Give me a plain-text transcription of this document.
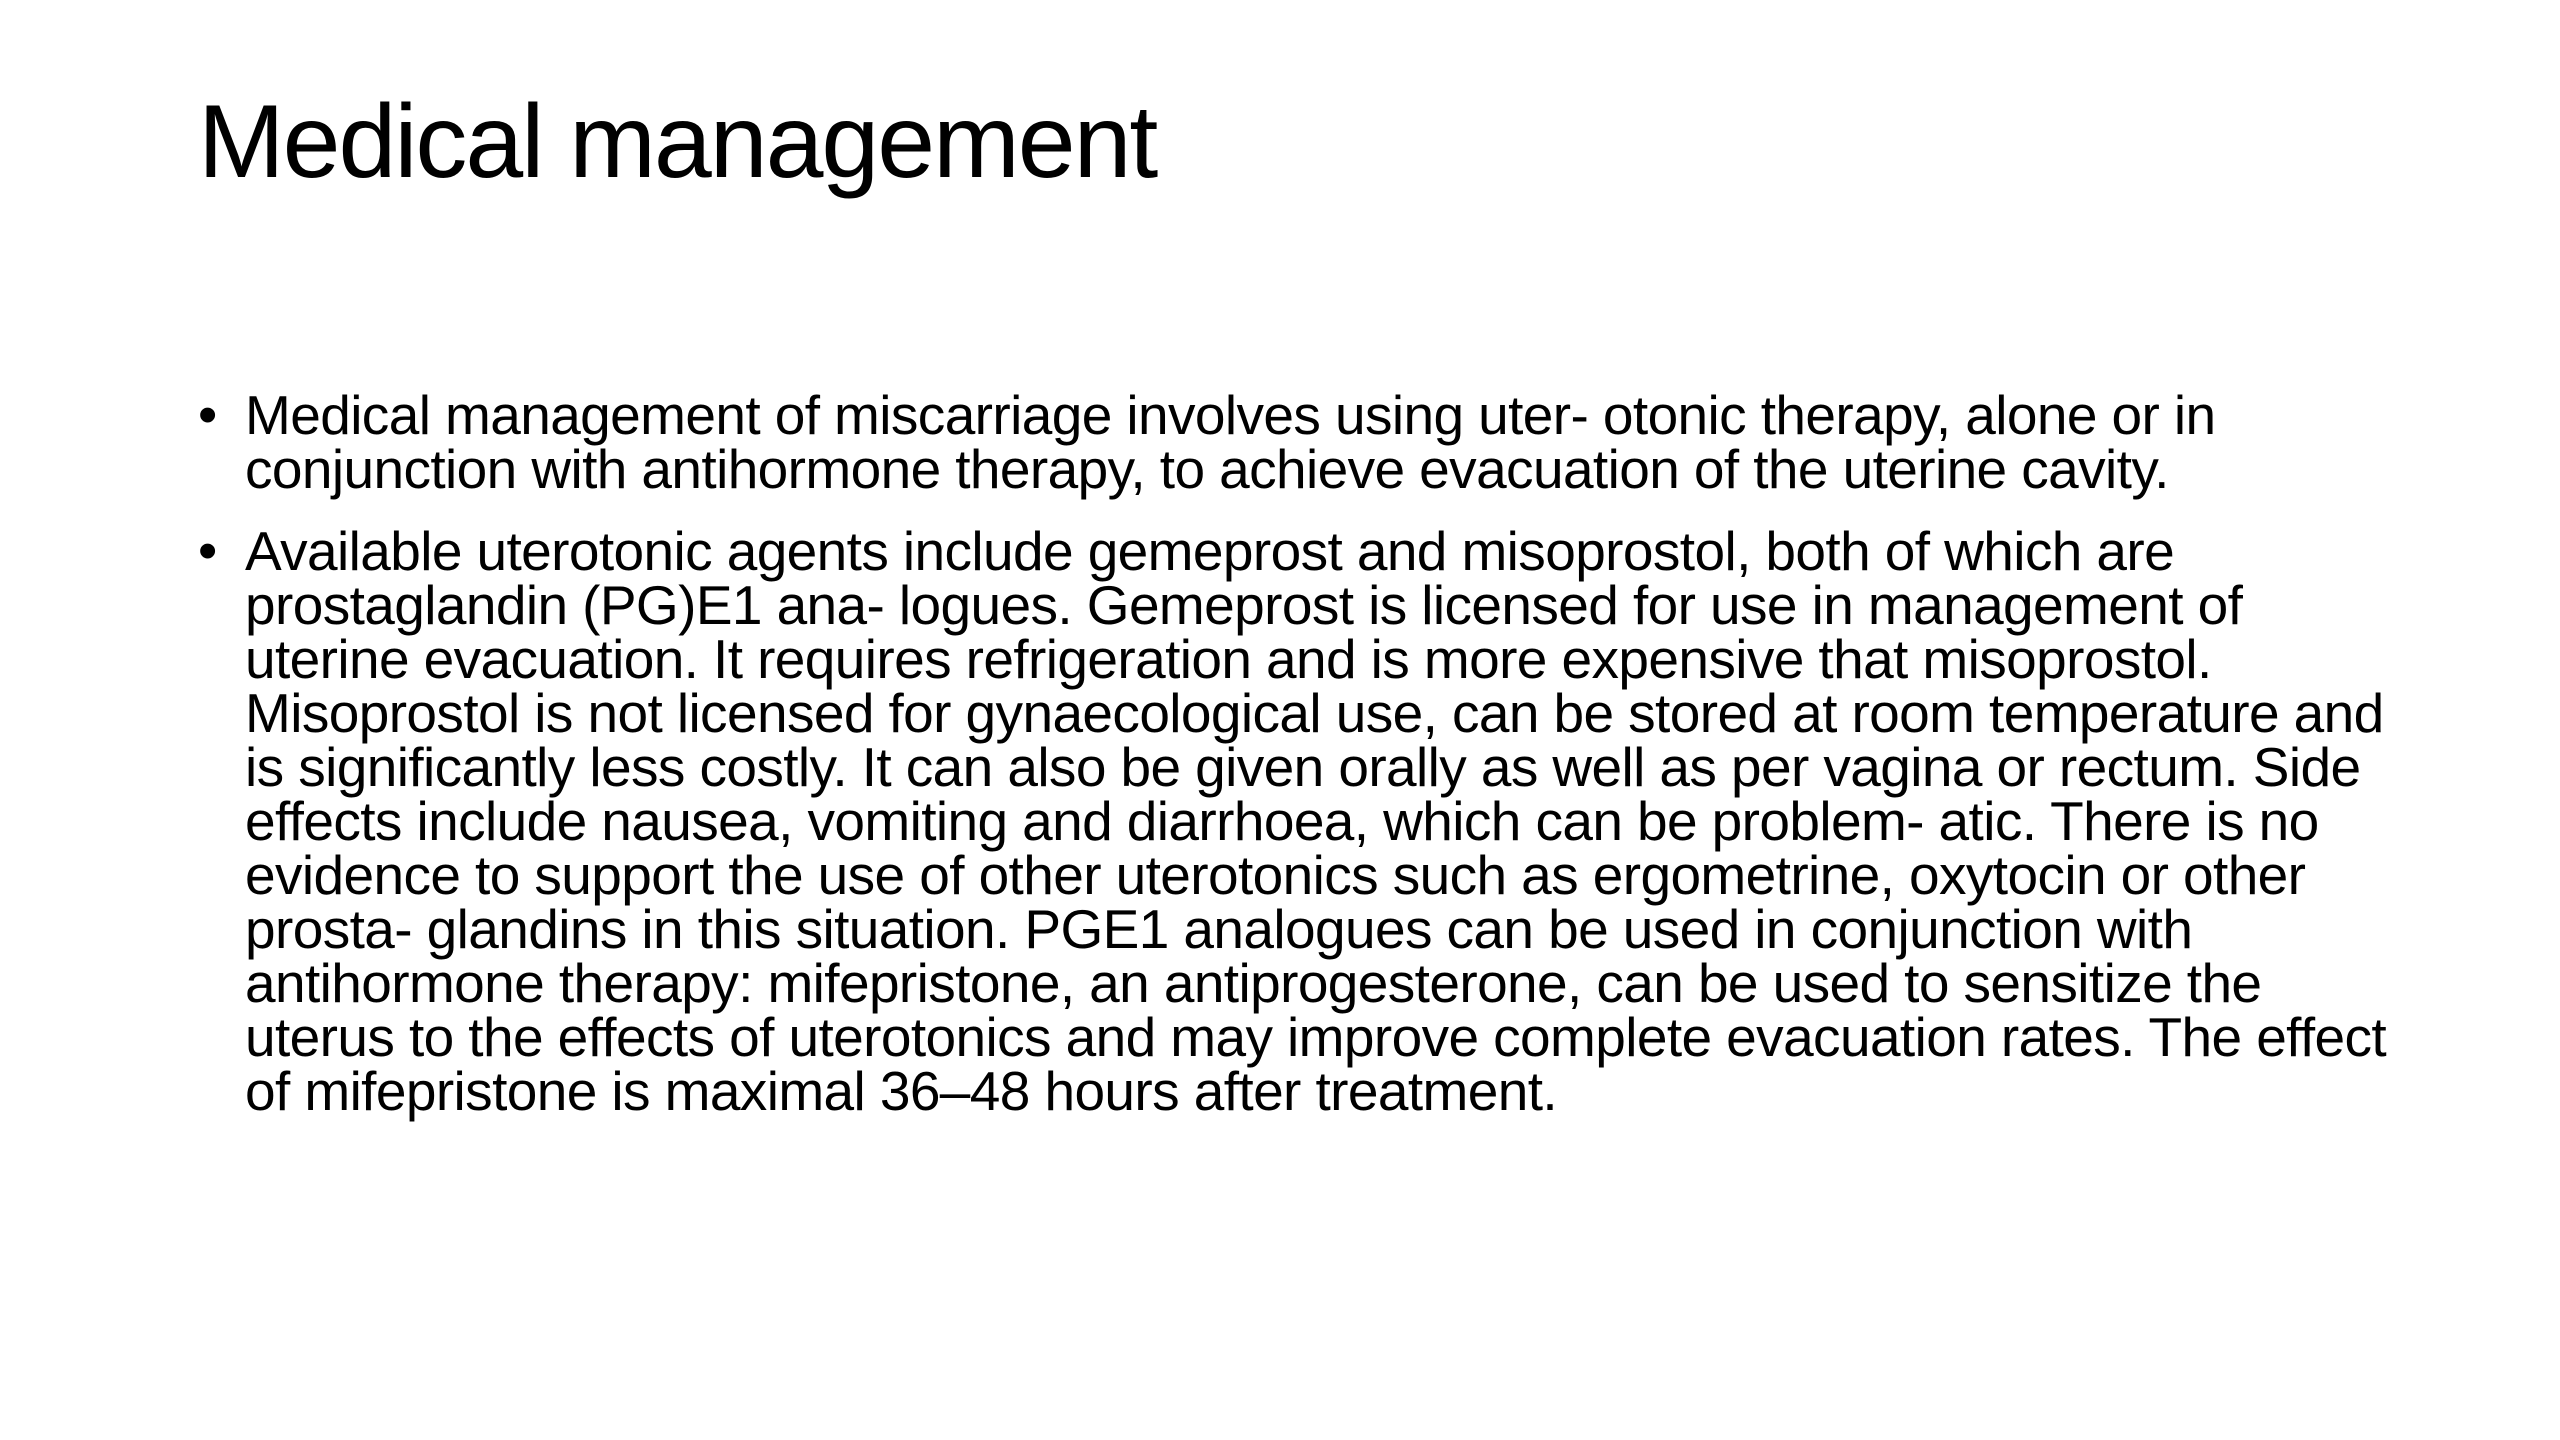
Medical management
• Medical management of miscarriage involves using uter- otonic therapy, alone or in conjunction with antihormone therapy, to achieve evacuation of the uterine cavity.
• Available uterotonic agents include gemeprost and misoprostol, both of which are prostaglandin (PG)E1 ana- logues. Gemeprost is licensed for use in management of uterine evacuation. It requires refrigeration and is more expensive that misoprostol. Misoprostol is not licensed for gynaecological use, can be stored at room temperature and is significantly less costly. It can also be given orally as well as per vagina or rectum. Side effects include nausea, vomiting and diarrhoea, which can be problem- atic. There is no evidence to support the use of other uterotonics such as ergometrine, oxytocin or other prosta- glandins in this situation. PGE1 analogues can be used in conjunction with antihormone therapy: mifepristone, an antiprogesterone, can be used to sensitize the uterus to the effects of uterotonics and may improve complete evacuation rates. The effect of mifepristone is maximal 36–48 hours after treatment.
